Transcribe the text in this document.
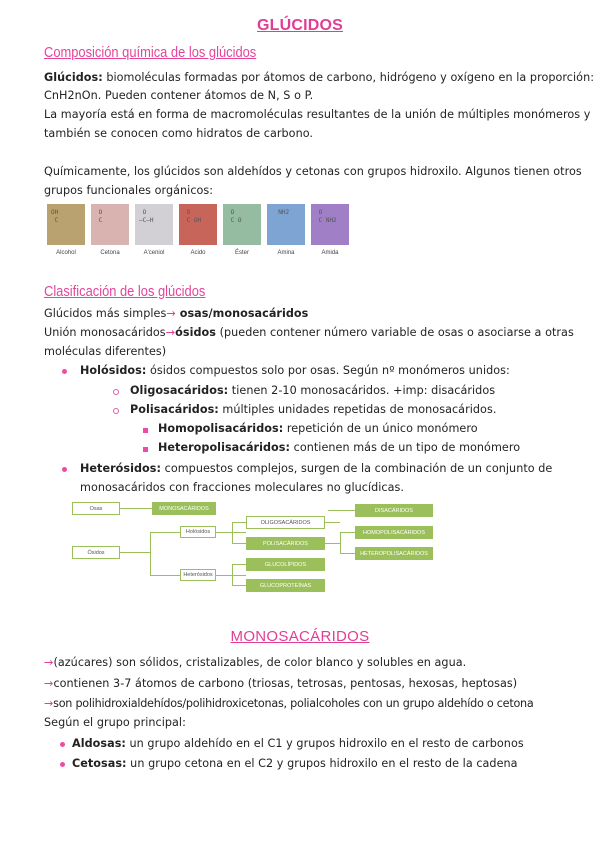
GLÚCIDOS
Composición química de los glúcidos
Glúcidos: biomoléculas formadas por átomos de carbono, hidrógeno y oxígeno en la proporción:
CnH2nOn. Pueden contener átomos de N, S o P.
La mayoría está en forma de macromoléculas resultantes de la unión de múltiples monómeros y
también se conocen como hidratos de carbono.
Químicamente, los glúcidos son aldehídos y cetonas con grupos hidroxilo. Algunos tienen otros
grupos funcionales orgánicos:
OH
C
Alcohol
O
C
Cetona
O
—C—H
A'ceniol
O
C OH
Acido
O
C O
Éster
NH2
Amina
O
C NH2
Amida
Clasificación de los glúcidos
Glúcidos más simples→ osas/monosacáridos
Unión monosacáridos→ósidos (pueden contener número variable de osas o asociarse a otras
moléculas diferentes)
Holósidos: ósidos compuestos solo por osas. Según nº monómeros unidos:
Oligosacáridos: tienen 2-10 monosacáridos. +imp: disacáridos
Polisacáridos: múltiples unidades repetidas de monosacáridos.
Homopolisacáridos: repetición de un único monómero
Heteropolisacáridos: contienen más de un tipo de monómero
Heterósidos: compuestos complejos, surgen de la combinación de un conjunto de
monosacáridos con fracciones moleculares no glucídicas.
Osas	MONOSACÁRIDOS
Ósidos
Holósidos
Heterósidos
OLIGOSACÁRIDOS
POLISACÁRIDOS
GLUCOLÍPIDOS
GLUCOPROTEÍNAS
DISACÁRIDOS
HOMOPOLISACÁRIDOS
HETEROPOLISACÁRIDOS
MONOSACÁRIDOS
→(azúcares) son sólidos, cristalizables, de color blanco y solubles en agua.
→contienen 3-7 átomos de carbono (triosas, tetrosas, pentosas, hexosas, heptosas)
→son polihidroxialdehídos/polihidroxicetonas, polialcoholes con un grupo aldehído o cetona
Según el grupo principal:
Aldosas: un grupo aldehído en el C1 y grupos hidroxilo en el resto de carbonos
Cetosas: un grupo cetona en el C2 y grupos hidroxilo en el resto de la cadena
